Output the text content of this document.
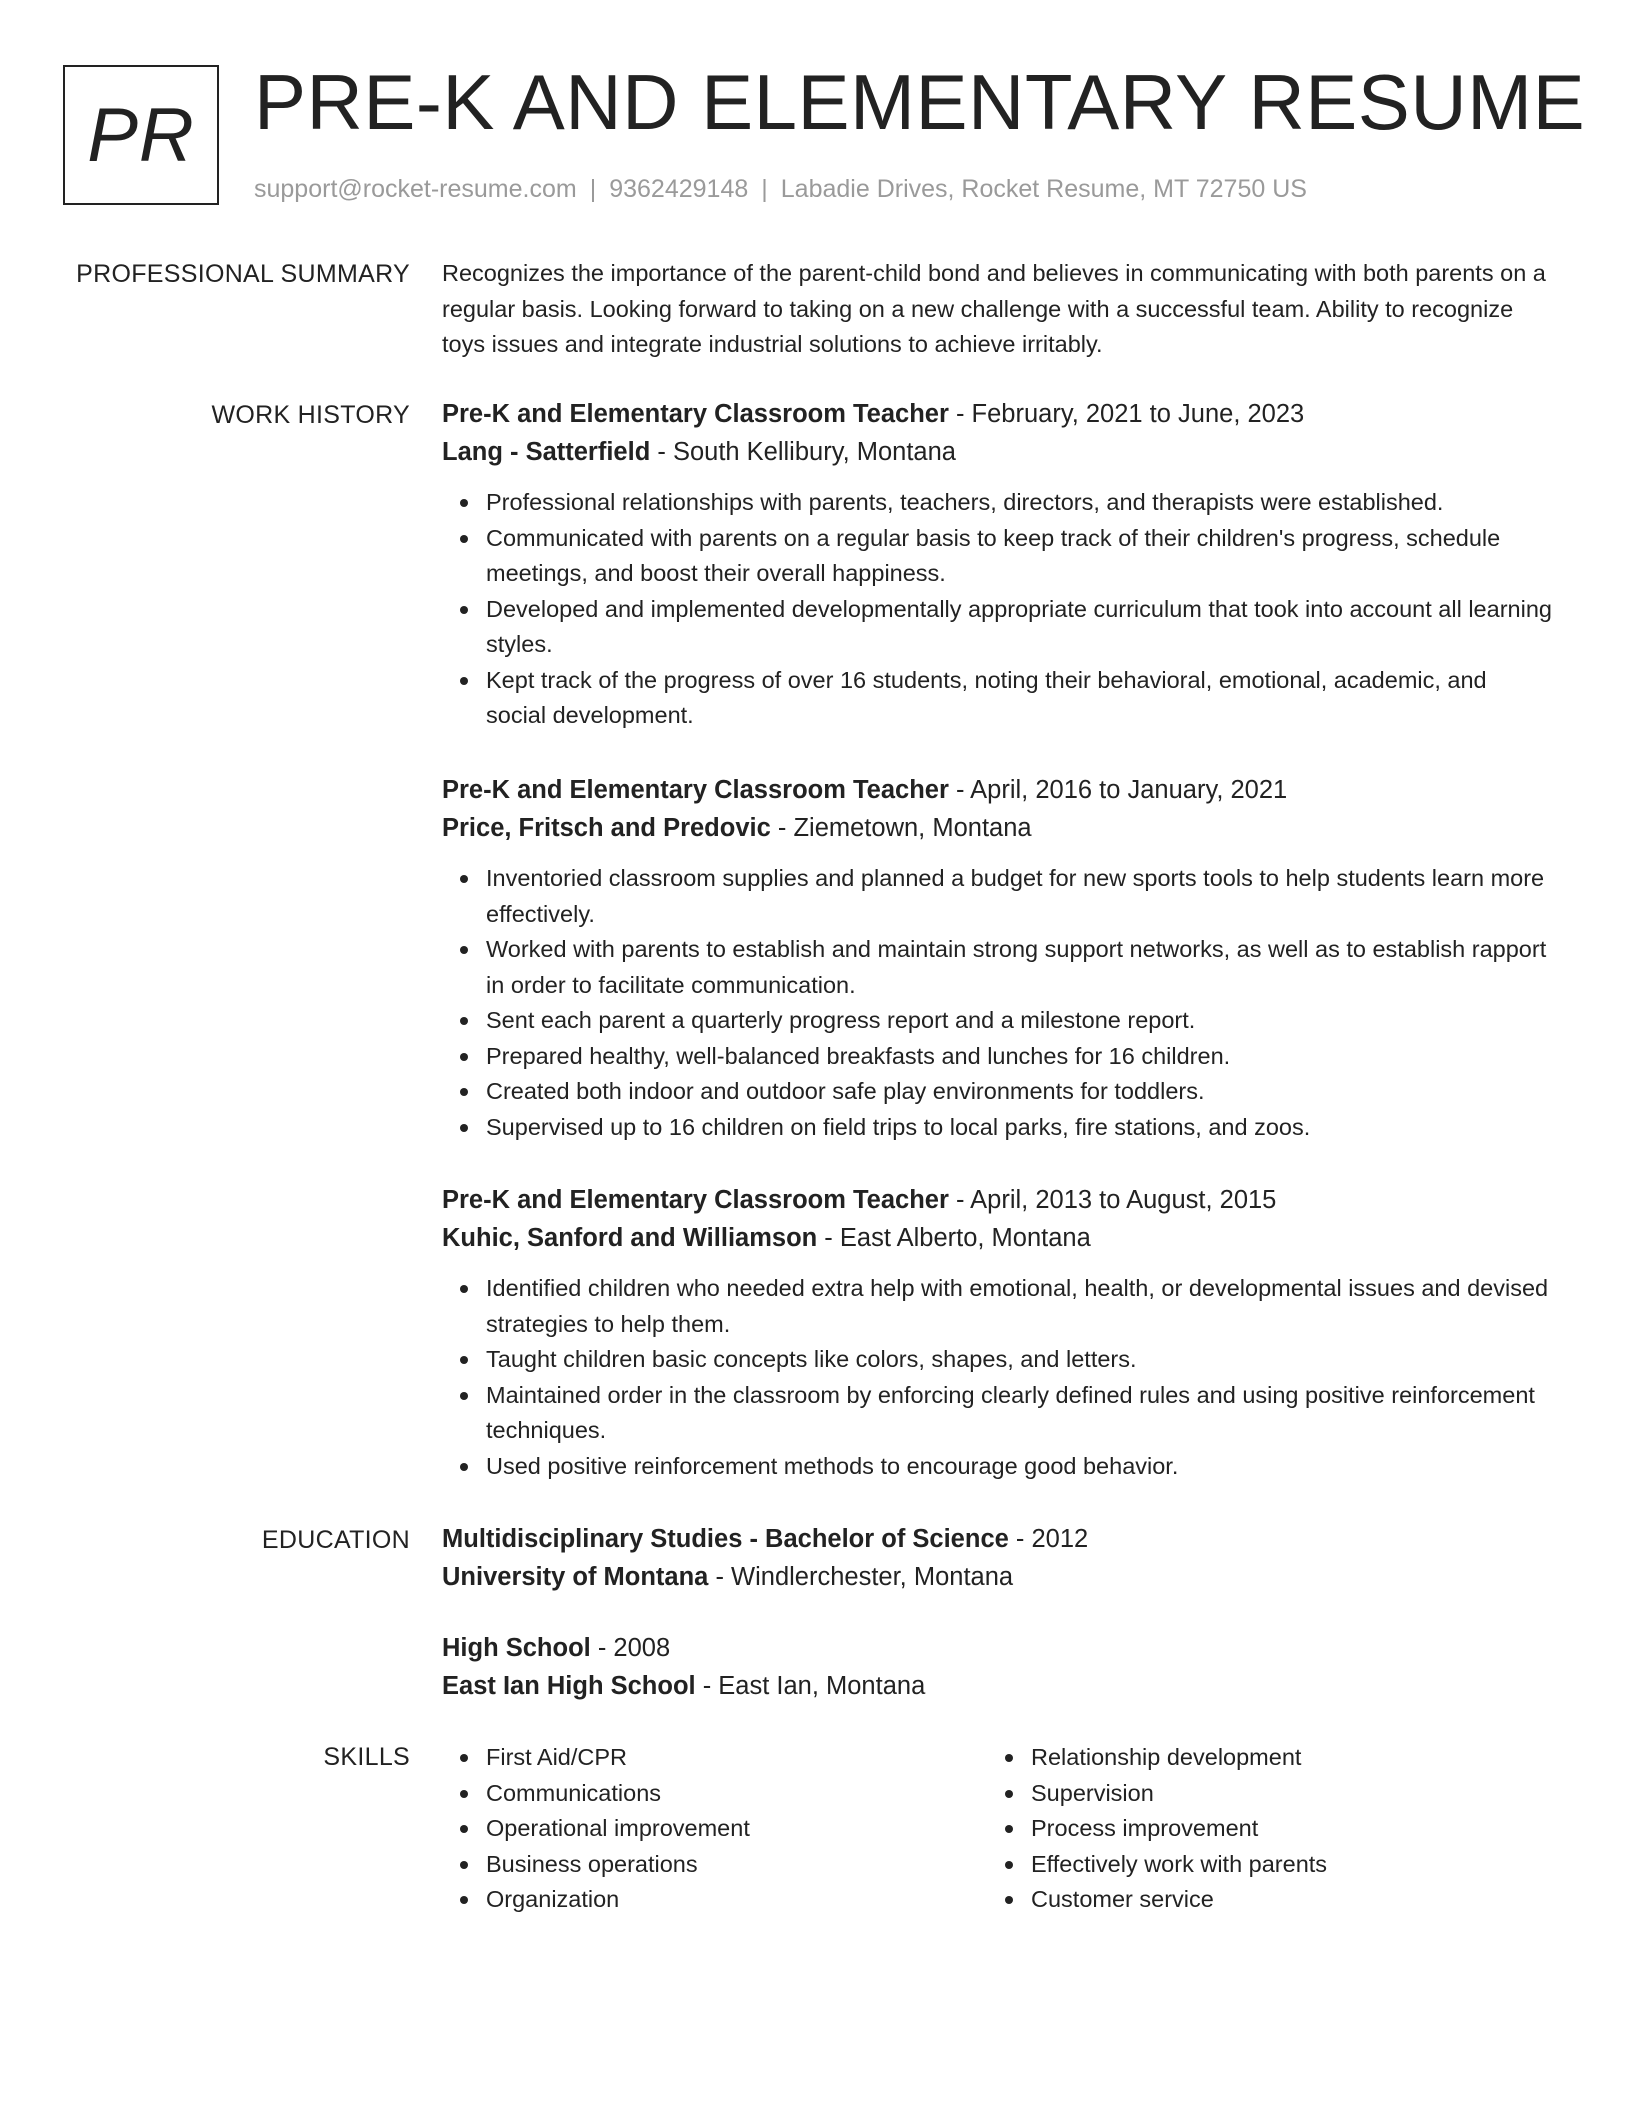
PR PRE-K AND ELEMENTARY RESUME
support@rocket-resume.com | 9362429148 | Labadie Drives, Rocket Resume, MT 72750 US
PROFESSIONAL SUMMARY Recognizes the importance of the parent-child bond and believes in communicating with both parents on a regular basis. Looking forward to taking on a new challenge with a successful team. Ability to recognize toys issues and integrate industrial solutions to achieve irritably.
WORK HISTORY Pre-K and Elementary Classroom Teacher - February, 2021 to June, 2023
Lang - Satterfield - South Kellibury, Montana
Professional relationships with parents, teachers, directors, and therapists were established.
Communicated with parents on a regular basis to keep track of their children's progress, schedule meetings, and boost their overall happiness.
Developed and implemented developmentally appropriate curriculum that took into account all learning styles.
Kept track of the progress of over 16 students, noting their behavioral, emotional, academic, and social development.
Pre-K and Elementary Classroom Teacher - April, 2016 to January, 2021
Price, Fritsch and Predovic - Ziemetown, Montana
Inventoried classroom supplies and planned a budget for new sports tools to help students learn more effectively.
Worked with parents to establish and maintain strong support networks, as well as to establish rapport in order to facilitate communication.
Sent each parent a quarterly progress report and a milestone report.
Prepared healthy, well-balanced breakfasts and lunches for 16 children.
Created both indoor and outdoor safe play environments for toddlers.
Supervised up to 16 children on field trips to local parks, fire stations, and zoos.
Pre-K and Elementary Classroom Teacher - April, 2013 to August, 2015
Kuhic, Sanford and Williamson - East Alberto, Montana
Identified children who needed extra help with emotional, health, or developmental issues and devised strategies to help them.
Taught children basic concepts like colors, shapes, and letters.
Maintained order in the classroom by enforcing clearly defined rules and using positive reinforcement techniques.
Used positive reinforcement methods to encourage good behavior.
EDUCATION Multidisciplinary Studies - Bachelor of Science - 2012
University of Montana - Windlerchester, Montana
High School - 2008
East Ian High School - East Ian, Montana
SKILLS	First Aid/CPR
Communications
Operational improvement
Business operations
Organization
Relationship development
Supervision
Process improvement
Effectively work with parents
Customer service
